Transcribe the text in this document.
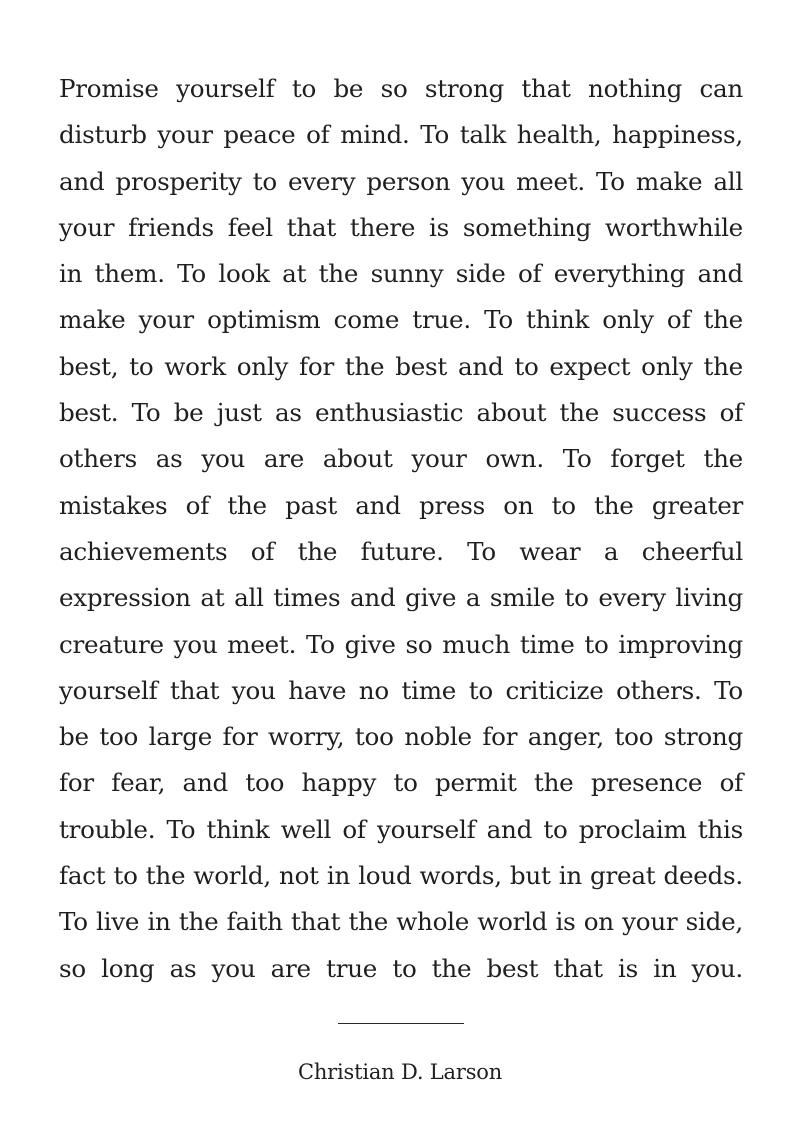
Promise yourself to be so strong that nothing can
disturb your peace of mind. To talk health, happiness,
and prosperity to every person you meet. To make all
your friends feel that there is something worthwhile
in them. To look at the sunny side of everything and
make your optimism come true. To think only of the
best, to work only for the best and to expect only the
best. To be just as enthusiastic about the success of
others as you are about your own. To forget the
mistakes of the past and press on to the greater
achievements of the future. To wear a cheerful
expression at all times and give a smile to every living
creature you meet. To give so much time to improving
yourself that you have no time to criticize others. To
be too large for worry, too noble for anger, too strong
for fear, and too happy to permit the presence of
trouble. To think well of yourself and to proclaim this
fact to the world, not in loud words, but in great deeds.
To live in the faith that the whole world is on your side,
so long as you are true to the best that is in you.
Christian D. Larson
